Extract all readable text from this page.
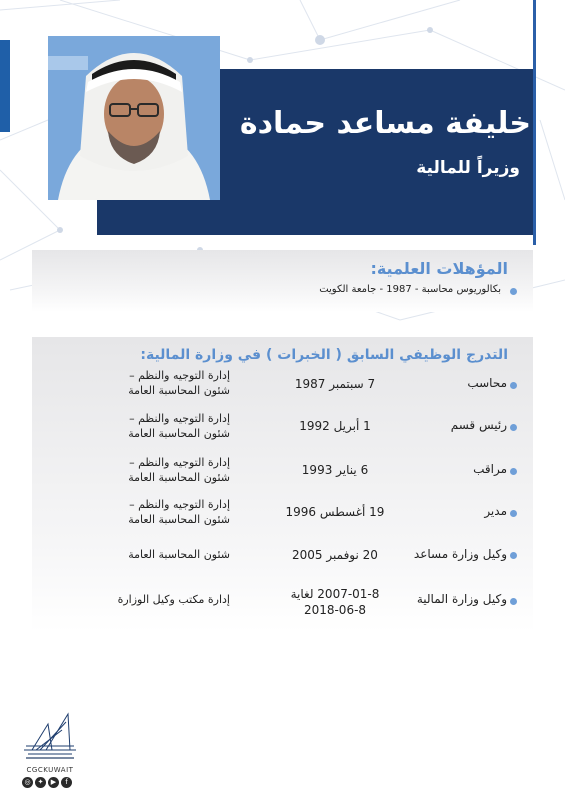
خليفة مساعد حمادة
وزيراً للمالية
المؤهلات العلمية:
بكالوريوس محاسبة - 1987 - جامعة الكويت
التدرج الوظيفي السابق ( الخبرات ) في وزارة المالية:
محاسب
7 سبتمبر 1987
إدارة التوجيه والنظم –
شئون المحاسبة العامة
رئيس قسم
1 أبريل 1992
إدارة التوجيه والنظم –
شئون المحاسبة العامة
مراقب
6 يناير 1993
إدارة التوجيه والنظم –
شئون المحاسبة العامة
مدير
19 أغسطس 1996
إدارة التوجيه والنظم –
شئون المحاسبة العامة
وكيل وزارة مساعد
20 نوفمبر 2005
شئون المحاسبة العامة
وكيل وزارة المالية
2007-01-8 لغاية
2018-06-8
إدارة مكتب وكيل الوزارة
CGCKUWAIT
◎ ✦ ▶ f
